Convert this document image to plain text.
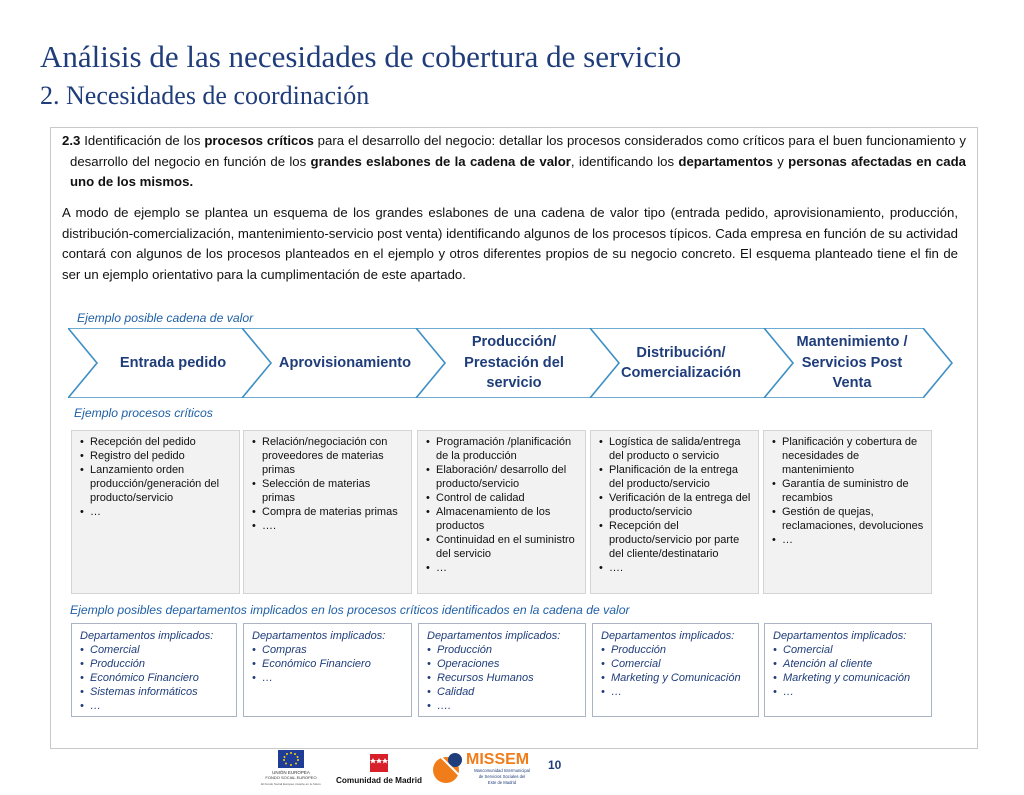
Análisis de las necesidades de cobertura de servicio
2. Necesidades de coordinación
2.3 Identificación de los procesos críticos para el desarrollo del negocio: detallar los procesos considerados como críticos para el buen funcionamiento y desarrollo del negocio en función de los grandes eslabones de la cadena de valor, identificando los departamentos y personas afectadas en cada uno de los mismos.
A modo de ejemplo se plantea un esquema de los grandes eslabones de una cadena de valor tipo (entrada pedido, aprovisionamiento, producción, distribución-comercialización, mantenimiento-servicio post venta) identificando algunos de los procesos típicos. Cada empresa en función de su actividad contará con algunos de los procesos planteados en el ejemplo y otros diferentes propios de su negocio concreto. El esquema planteado tiene el fin de ser un ejemplo orientativo para la cumplimentación de este apartado.
Ejemplo posible cadena de valor
Entrada pedido	Aprovisionamiento
Producción/ Prestación del servicio
Distribución/ Comercialización
Mantenimiento / Servicios Post Venta
Ejemplo procesos críticos
• Recepción del pedido
• Registro del pedido
• Lanzamiento orden producción/generación del producto/servicio
• …
• Relación/negociación con proveedores de materias primas
• Selección de materias primas
• Compra de materias primas
• ….
• Programación /planificación de la producción
• Elaboración/ desarrollo del producto/servicio
• Control de calidad
• Almacenamiento de los productos
• Continuidad en el suministro del servicio
• …
• Logística de salida/entrega del producto o servicio
• Planificación de la entrega del producto/servicio
• Verificación de la entrega del producto/servicio
• Recepción del producto/servicio por parte del cliente/destinatario
• ….
• Planificación y cobertura de necesidades de mantenimiento
• Garantía de suministro de recambios
• Gestión de quejas, reclamaciones, devoluciones
• …
Ejemplo posibles departamentos implicados en los procesos críticos identificados en la cadena de valor

Departamentos implicados:

• Comercial
• Producción
• Económico Financiero
• Sistemas informáticos
• …

Departamentos implicados:

• Compras
• Económico Financiero
• …

Departamentos implicados:

• Producción
• Operaciones
• Recursos Humanos
• Calidad
• ….

Departamentos implicados:

• Producción
• Comercial
• Marketing y Comunicación
• …

Departamentos implicados:

• Comercial
• Atención al cliente
• Marketing y comunicación
• …
UNIÓN EUROPEA
FONDO SOCIAL EUROPEO
El Fondo Social Europeo invierte en tu futuro Comunidad de Madrid
MISSEM
Mancomunidad Intermunicipal
de Servicios Sociales del
Este de Madrid
10
